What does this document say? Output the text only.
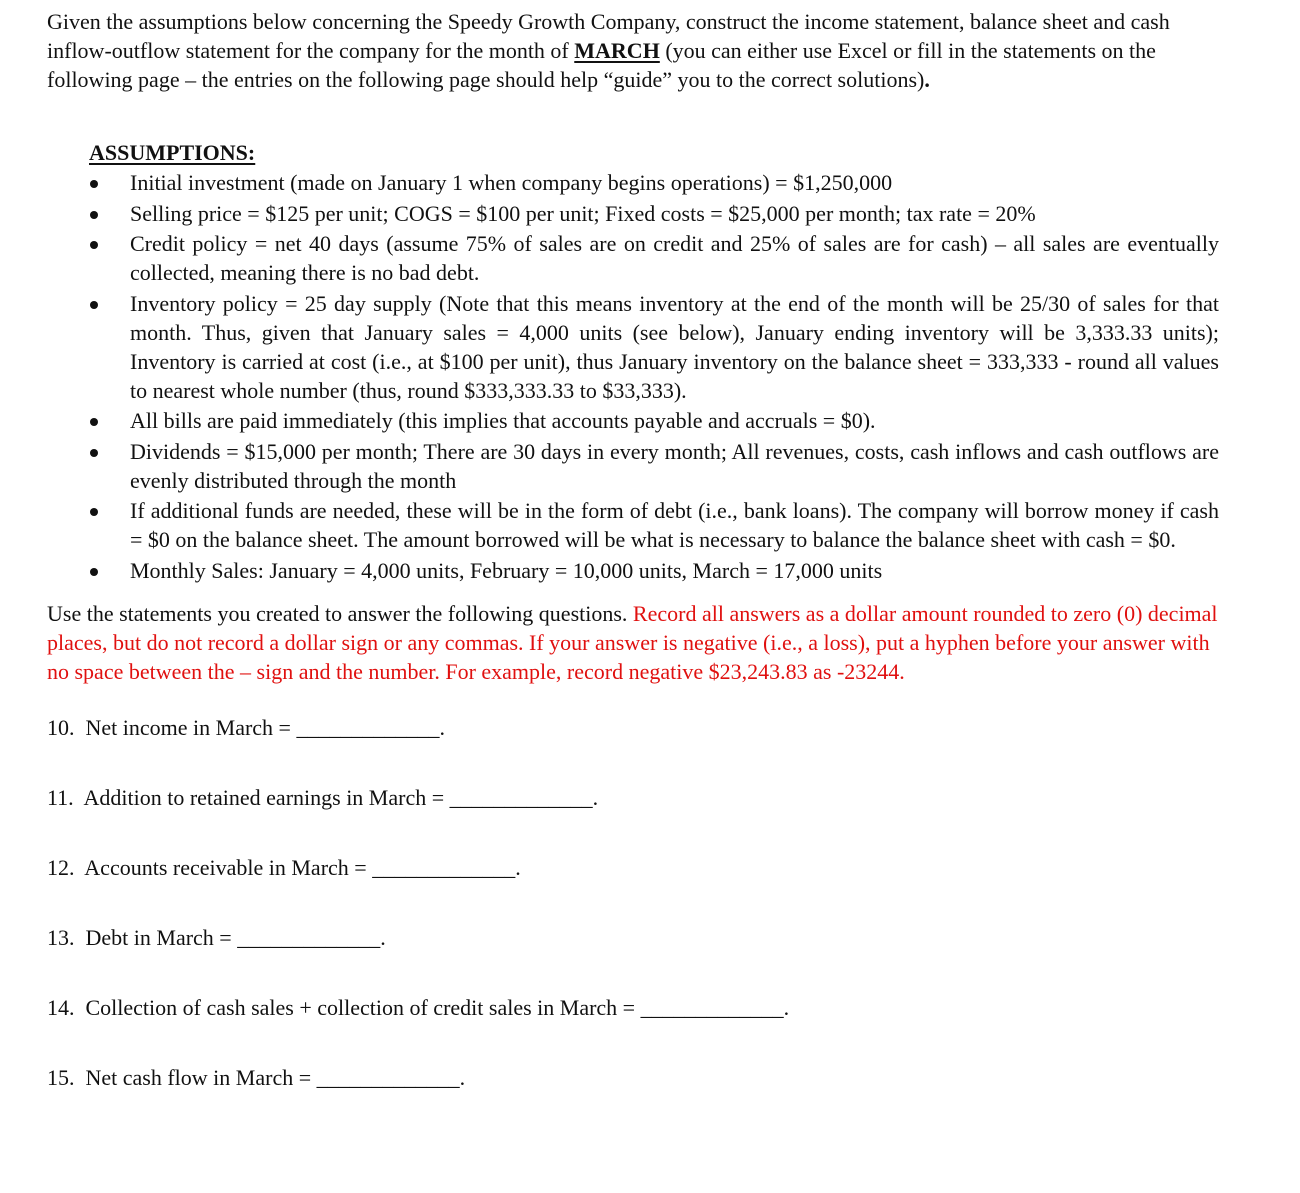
Given the assumptions below concerning the Speedy Growth Company, construct the income statement, balance sheet and cash inflow-outflow statement for the company for the month of MARCH (you can either use Excel or fill in the statements on the following page – the entries on the following page should help “guide” you to the correct solutions).

ASSUMPTIONS:
Initial investment (made on January 1 when company begins operations) = $1,250,000
Selling price = $125 per unit; COGS = $100 per unit; Fixed costs = $25,000 per month; tax rate = 20%
Credit policy = net 40 days (assume 75% of sales are on credit and 25% of sales are for cash) – all sales are eventually collected, meaning there is no bad debt.
Inventory policy = 25 day supply (Note that this means inventory at the end of the month will be 25/30 of sales for that month. Thus, given that January sales = 4,000 units (see below), January ending inventory will be 3,333.33 units); Inventory is carried at cost (i.e., at $100 per unit), thus January inventory on the balance sheet = 333,333 - round all values to nearest whole number (thus, round $333,333.33 to $33,333).
All bills are paid immediately (this implies that accounts payable and accruals = $0).
Dividends = $15,000 per month; There are 30 days in every month; All revenues, costs, cash inflows and cash outflows are evenly distributed through the month
If additional funds are needed, these will be in the form of debt (i.e., bank loans). The company will borrow money if cash = $0 on the balance sheet. The amount borrowed will be what is necessary to balance the balance sheet with cash = $0.
Monthly Sales: January = 4,000 units, February = 10,000 units, March = 17,000 units

Use the statements you created to answer the following questions. Record all answers as a dollar amount rounded to zero (0) decimal places, but do not record a dollar sign or any commas. If your answer is negative (i.e., a loss), put a hyphen before your answer with no space between the – sign and the number. For example, record negative $23,243.83 as -23244.

10. Net income in March = _____________.
11. Addition to retained earnings in March = _____________.
12. Accounts receivable in March = _____________.
13. Debt in March = _____________.
14. Collection of cash sales + collection of credit sales in March = _____________.
15. Net cash flow in March = _____________.
